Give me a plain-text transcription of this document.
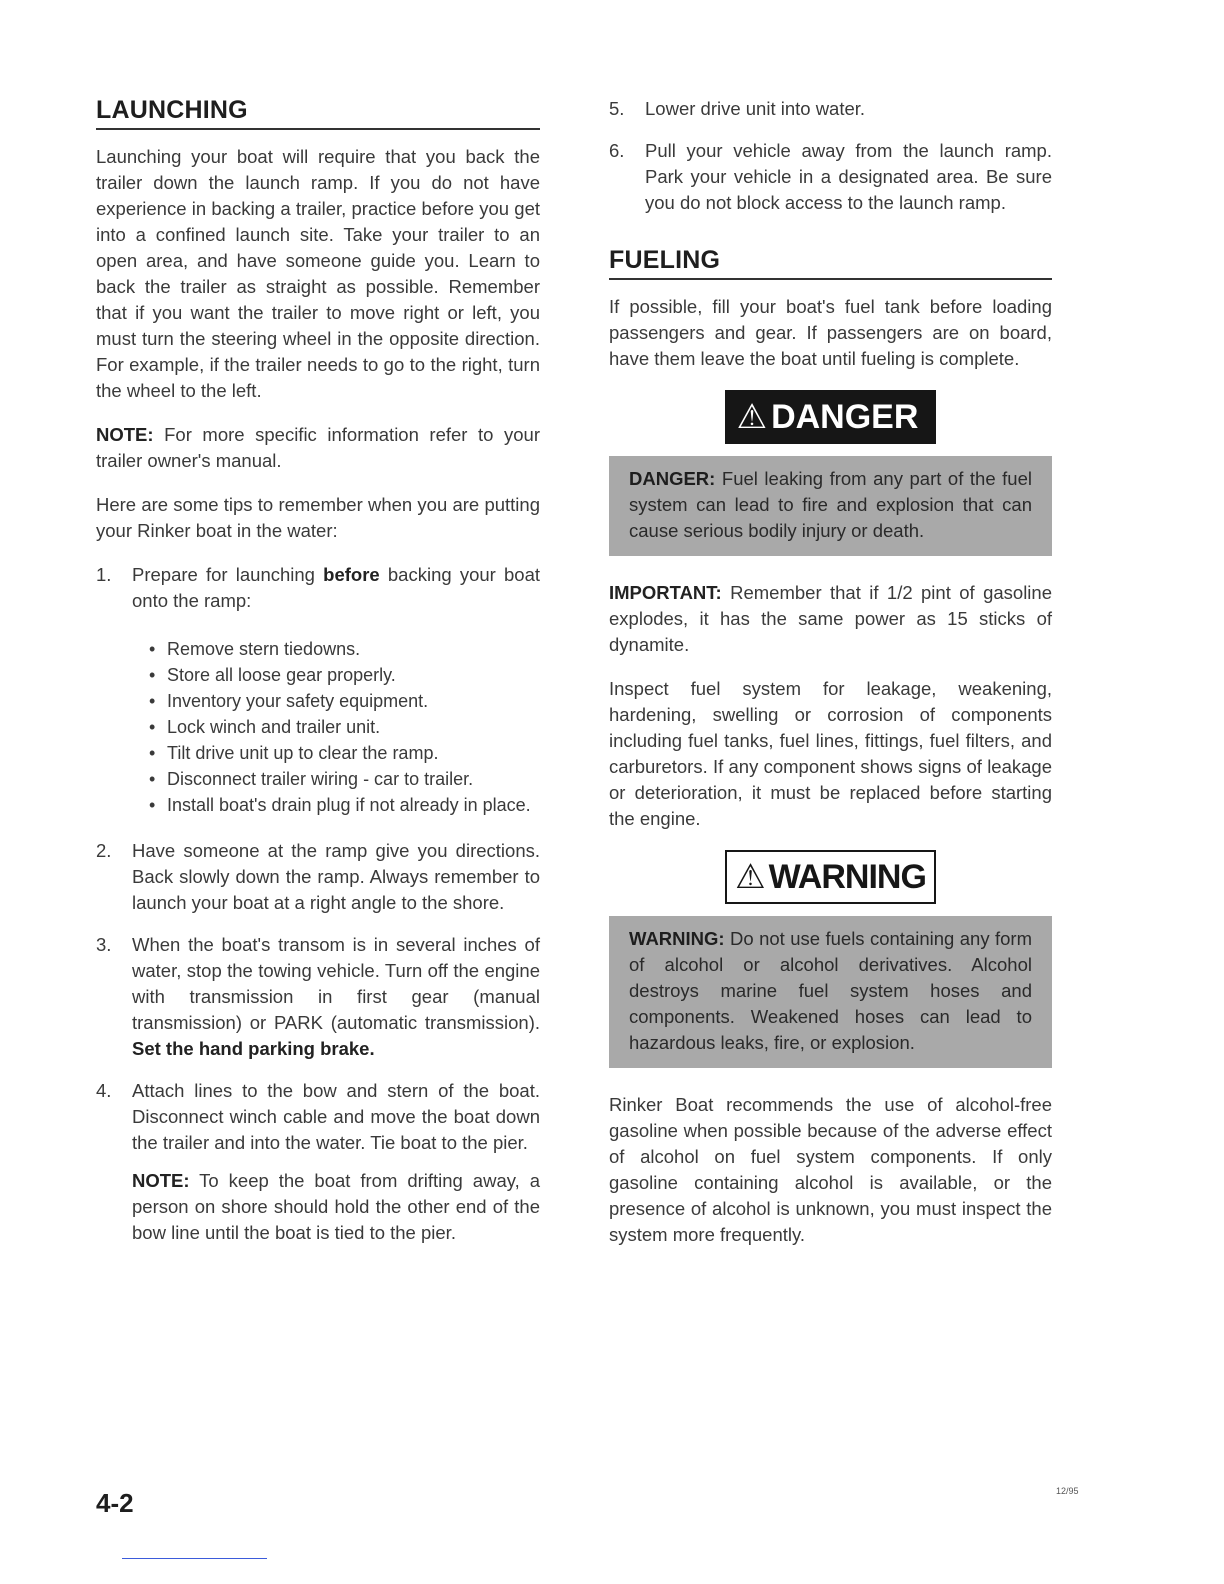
LAUNCHING

Launching your boat will require that you back the trailer down the launch ramp. If you do not have experience in backing a trailer, practice before you get into a confined launch site. Take your trailer to an open area, and have someone guide you. Learn to back the trailer as straight as possible. Remember that if you want the trailer to move right or left, you must turn the steering wheel in the opposite direction. For example, if the trailer needs to go to the right, turn the wheel to the left.

NOTE: For more specific information refer to your trailer owner's manual.

Here are some tips to remember when you are putting your Rinker boat in the water:

1. Prepare for launching before backing your boat onto the ramp:
• Remove stern tiedowns.
• Store all loose gear properly.
• Inventory your safety equipment.
• Lock winch and trailer unit.
• Tilt drive unit up to clear the ramp.
• Disconnect trailer wiring - car to trailer.
• Install boat's drain plug if not already in place.
2. Have someone at the ramp give you directions. Back slowly down the ramp. Always remember to launch your boat at a right angle to the shore.
3. When the boat's transom is in several inches of water, stop the towing vehicle. Turn off the engine with transmission in first gear (manual transmission) or PARK (automatic transmission). Set the hand parking brake.
4. Attach lines to the bow and stern of the boat. Disconnect winch cable and move the boat down the trailer and into the water. Tie boat to the pier.
NOTE: To keep the boat from drifting away, a person on shore should hold the other end of the bow line until the boat is tied to the pier.
5. Lower drive unit into water.
6. Pull your vehicle away from the launch ramp. Park your vehicle in a designated area. Be sure you do not block access to the launch ramp.
FUELING

If possible, fill your boat's fuel tank before loading passengers and gear. If passengers are on board, have them leave the boat until fueling is complete.

⚠ DANGER
DANGER: Fuel leaking from any part of the fuel system can lead to fire and explosion that can cause serious bodily injury or death.

IMPORTANT: Remember that if 1/2 pint of gasoline explodes, it has the same power as 15 sticks of dynamite.

Inspect fuel system for leakage, weakening, hardening, swelling or corrosion of components including fuel tanks, fuel lines, fittings, fuel filters, and carburetors. If any component shows signs of leakage or deterioration, it must be replaced before starting the engine.

⚠ WARNING
WARNING: Do not use fuels containing any form of alcohol or alcohol derivatives. Alcohol destroys marine fuel system hoses and components. Weakened hoses can lead to hazardous leaks, fire, or explosion.

Rinker Boat recommends the use of alcohol-free gasoline when possible because of the adverse effect of alcohol on fuel system components. If only gasoline containing alcohol is available, or the presence of alcohol is unknown, you must inspect the system more frequently.

4-2	12/95
